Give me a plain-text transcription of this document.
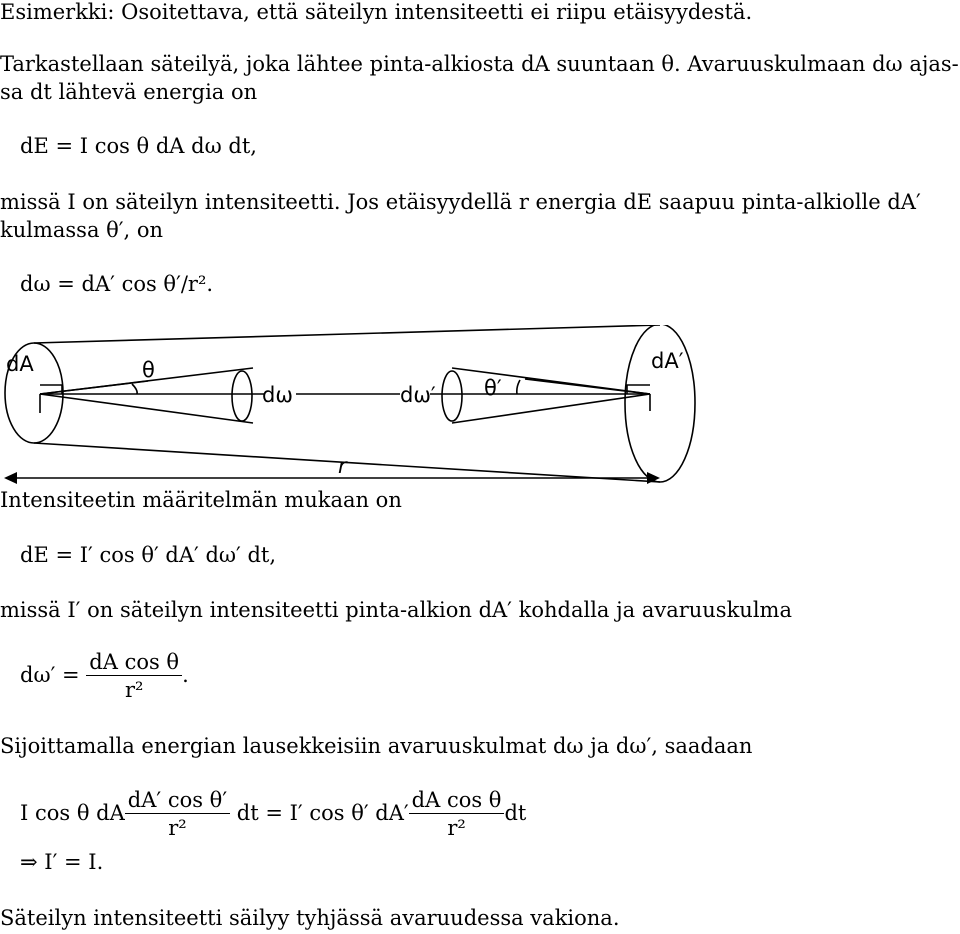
Esimerkki: Osoitettava, että säteilyn intensiteetti ei riipu etäisyydestä.
Tarkastellaan säteilyä, joka lähtee pinta-alkiosta dA suuntaan θ. Avaruuskulmaan dω ajas-
sa dt lähtevä energia on
dE = I cos θ dA dω dt,
missä I on säteilyn intensiteetti. Jos etäisyydellä r energia dE saapuu pinta-alkiolle dA′
kulmassa θ′, on
dω = dA′ cos θ′/r².
dA	θ
dω	dω′ θ′
dA′
r
Intensiteetin määritelmän mukaan on
dE = I′ cos θ′ dA′ dω′ dt,
missä I′ on säteilyn intensiteetti pinta-alkion dA′ kohdalla ja avaruuskulma
$d\omega' = \frac{\text{dA cos θ}}{\text{r²}}$ .
Sijoittamalla energian lausekkeisiin avaruuskulmat dω ja dω′, saadaan
I cos θ dA $\frac{\text{dA′ cos θ′}}{\text{r²}}$ dt = I′ cos θ′ $dA' \frac{\text{dA cos θ}}{\text{r²}}$ dt
⇒ I′ = I.
Säteilyn intensiteetti säilyy tyhjässä avaruudessa vakiona.
